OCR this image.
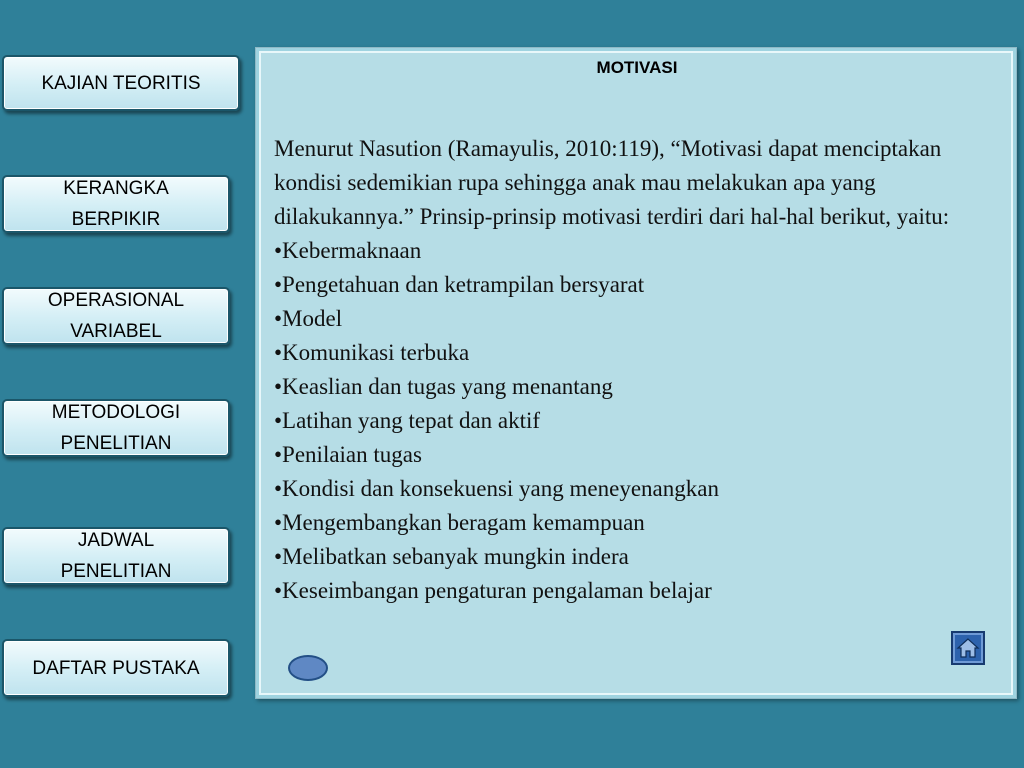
KAJIAN TEORITIS
KERANGKA
BERPIKIR
OPERASIONAL
VARIABEL
METODOLOGI
PENELITIAN
JADWAL
PENELITIAN
DAFTAR PUSTAKA
MOTIVASI

Menurut Nasution (Ramayulis, 2010:119), “Motivasi dapat menciptakan kondisi sedemikian rupa sehingga anak mau melakukan apa yang dilakukannya.” Prinsip-prinsip motivasi terdiri dari hal-hal berikut, yaitu:

•Kebermaknaan
•Pengetahuan dan ketrampilan bersyarat
•Model
•Komunikasi terbuka
•Keaslian dan tugas yang menantang
•Latihan yang tepat dan aktif
•Penilaian tugas
•Kondisi dan konsekuensi yang meneyenangkan
•Mengembangkan beragam kemampuan
•Melibatkan sebanyak mungkin indera
•Keseimbangan pengaturan pengalaman belajar
